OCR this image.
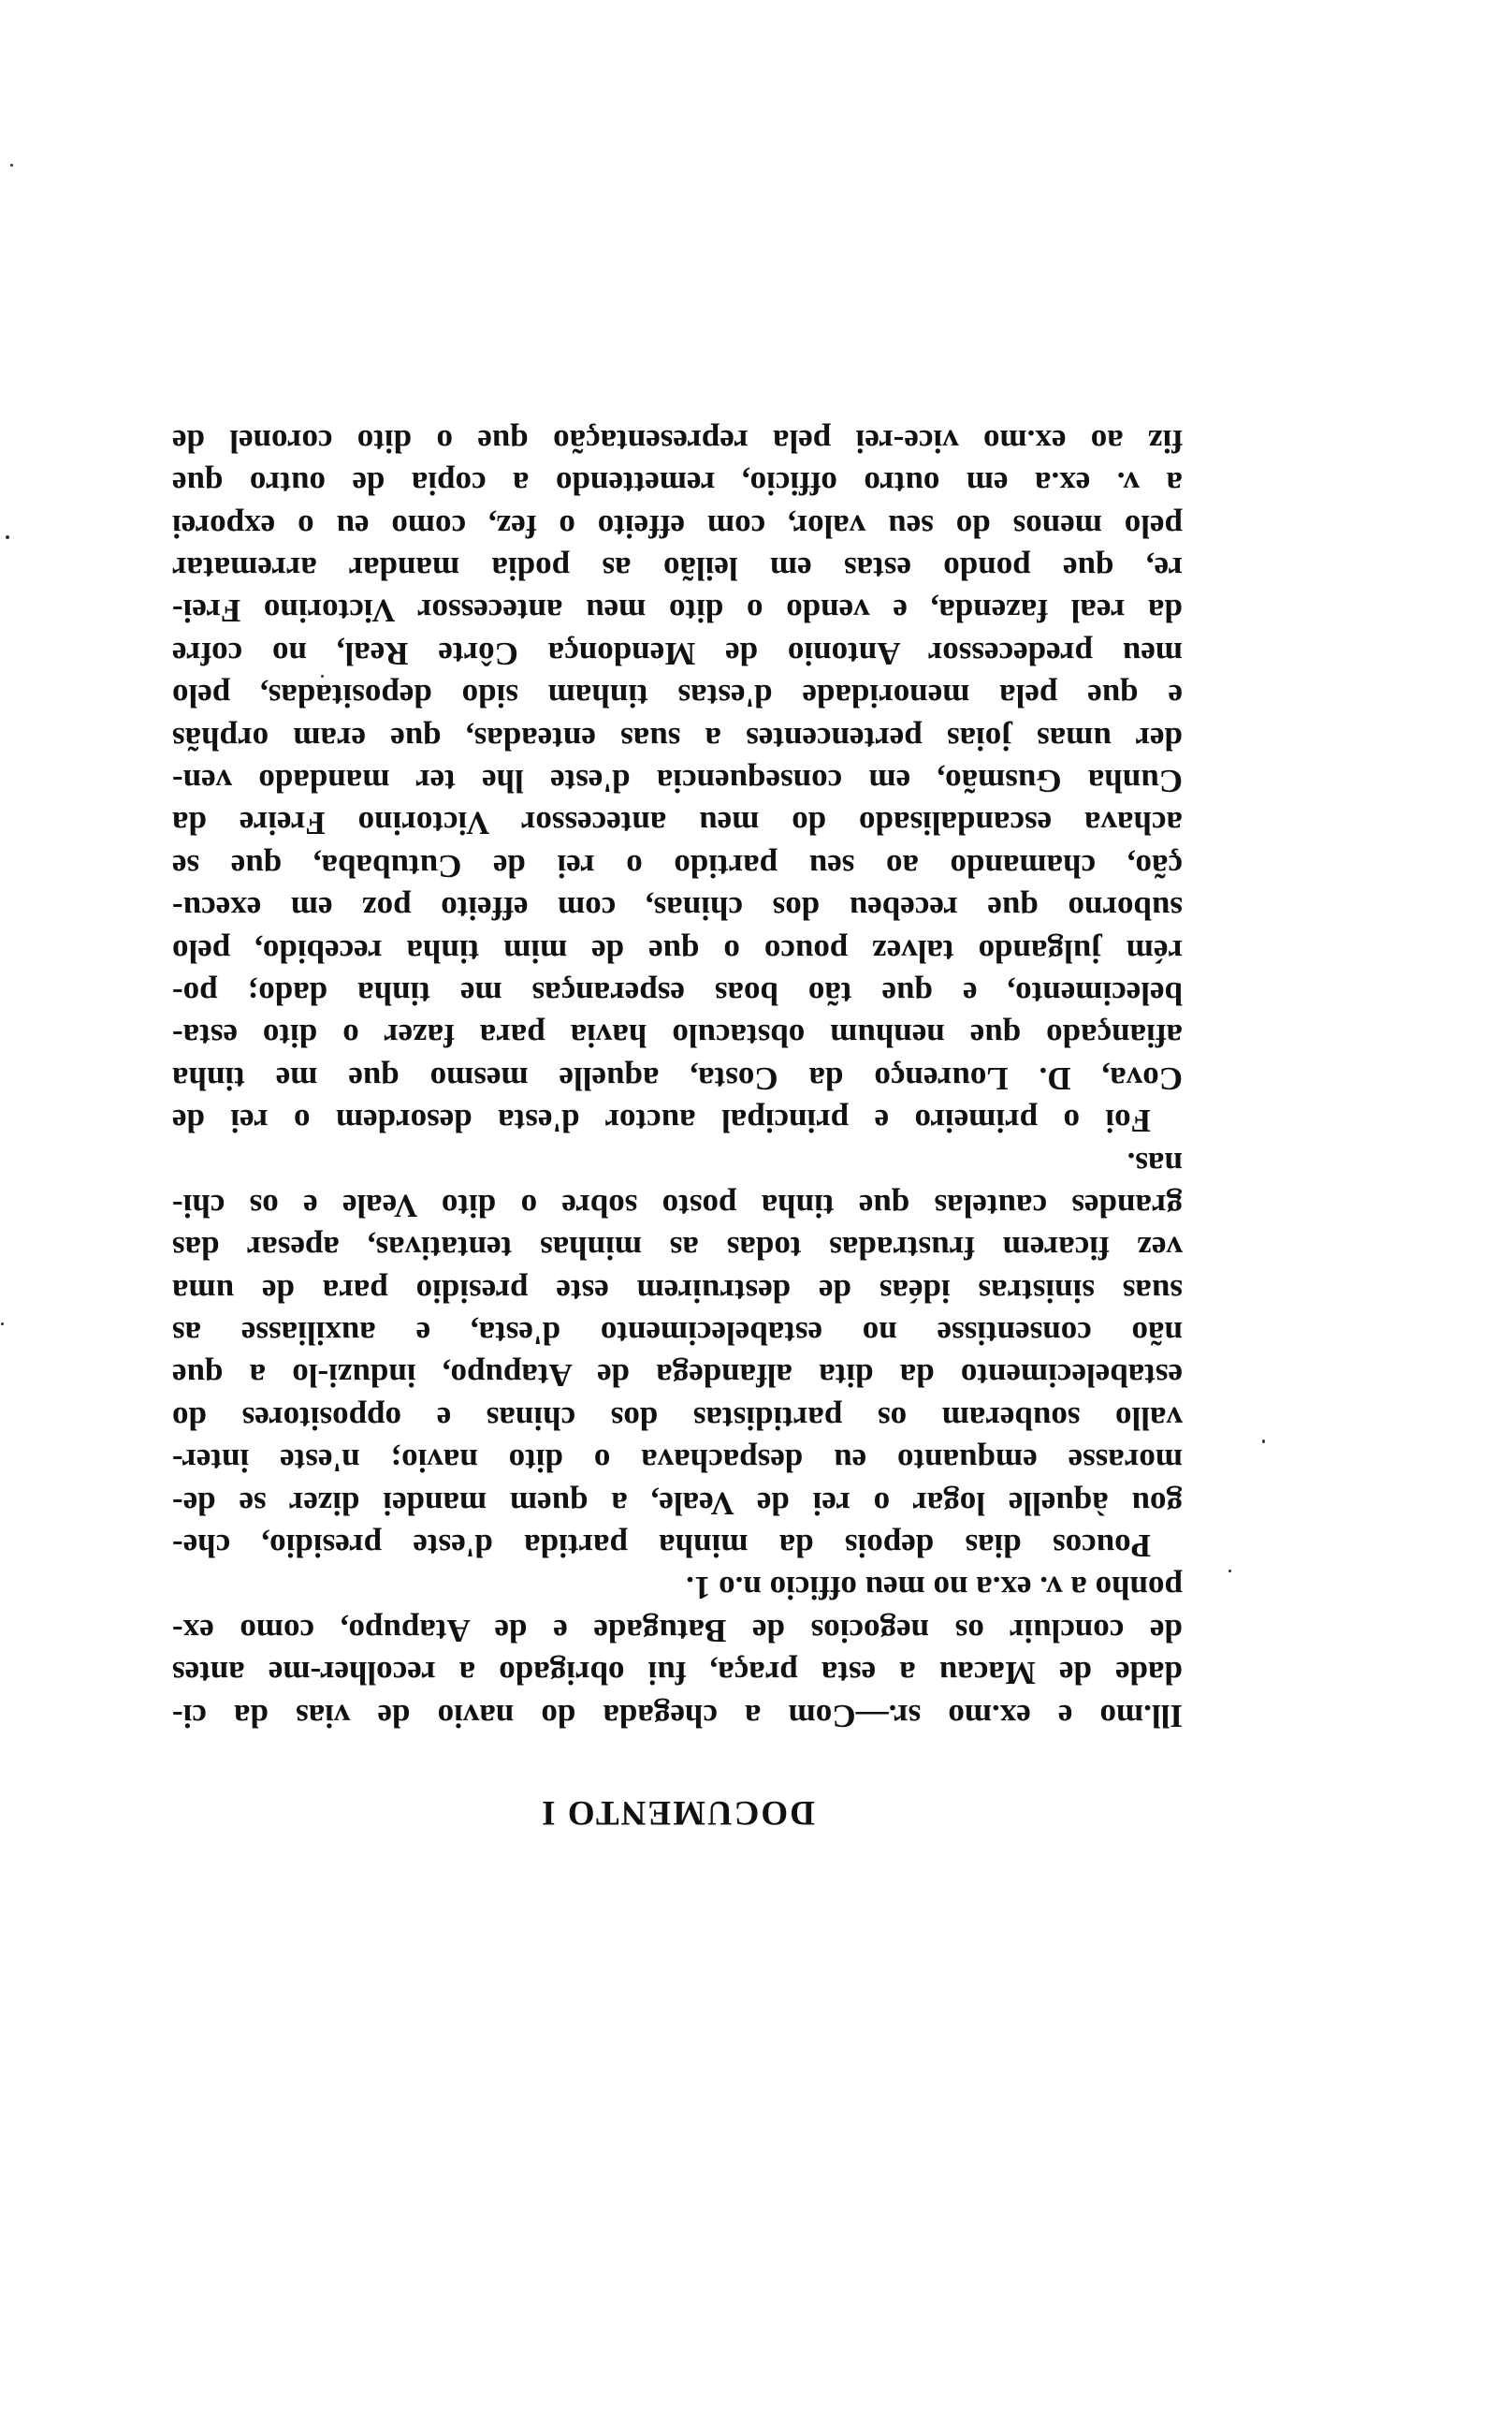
DOCUMENTO I
Ill.mo e ex.mo sr.—Com a chegada do navio de vias da ci-
dade de Macau a esta praça, fui obrigado a recolher-me antes
de concluir os negocios de Batugade e de Atapupo, como ex-
ponho a v. ex.a no meu officio n.o 1.
Poucos dias depois da minha partida d'este presidio, che-
gou àquelle logar o rei de Veale, a quem mandei dizer se de-
morasse emquanto eu despachava o dito navio; n'este inter-
vallo souberam os partidistas dos chinas e oppositores do
estabelecimento da dita alfandega de Atapupo, induzi-lo a que
não consentisse no estabelecimento d'esta, e auxiliasse as
suas sinistras idéas de destruirem este presidio para de uma
vez ficarem frustradas todas as minhas tentativas, apesar das
grandes cautelas que tinha posto sobre o dito Veale e os chi-
nas.
Foi o primeiro e principal auctor d'esta desordem o rei de
Cova, D. Lourenço da Costa, aquelle mesmo que me tinha
afiançado que nenhum obstaculo havia para fazer o dito esta-
belecimento, e que tão boas esperanças me tinha dado; po-
rém julgando talvez pouco o que de mim tinha recebido, pelo
suborno que recebeu dos chinas, com effeito poz em execu-
ção, chamando ao seu partido o rei de Cutubaba, que se
achava escandalisado do meu antecessor Victorino Freire da
Cunha Gusmão, em consequencia d'este lhe ter mandado ven-
der umas joias pertencentes a suas enteadas, que eram orphãs
e que pela menoridade d'estas tinham sido depositadas, pelo
meu predecessor Antonio de Mendonça Côrte Real, no cofre
da real fazenda, e vendo o dito meu antecessor Victorino Frei-
re, que pondo estas em leilão as podia mandar arrematar
pelo menos do seu valor, com effeito o fez, como eu o exporei
a v. ex.a em outro officio, remettendo a copia de outro que
fiz ao ex.mo vice-rei pela representação que o dito coronel de
